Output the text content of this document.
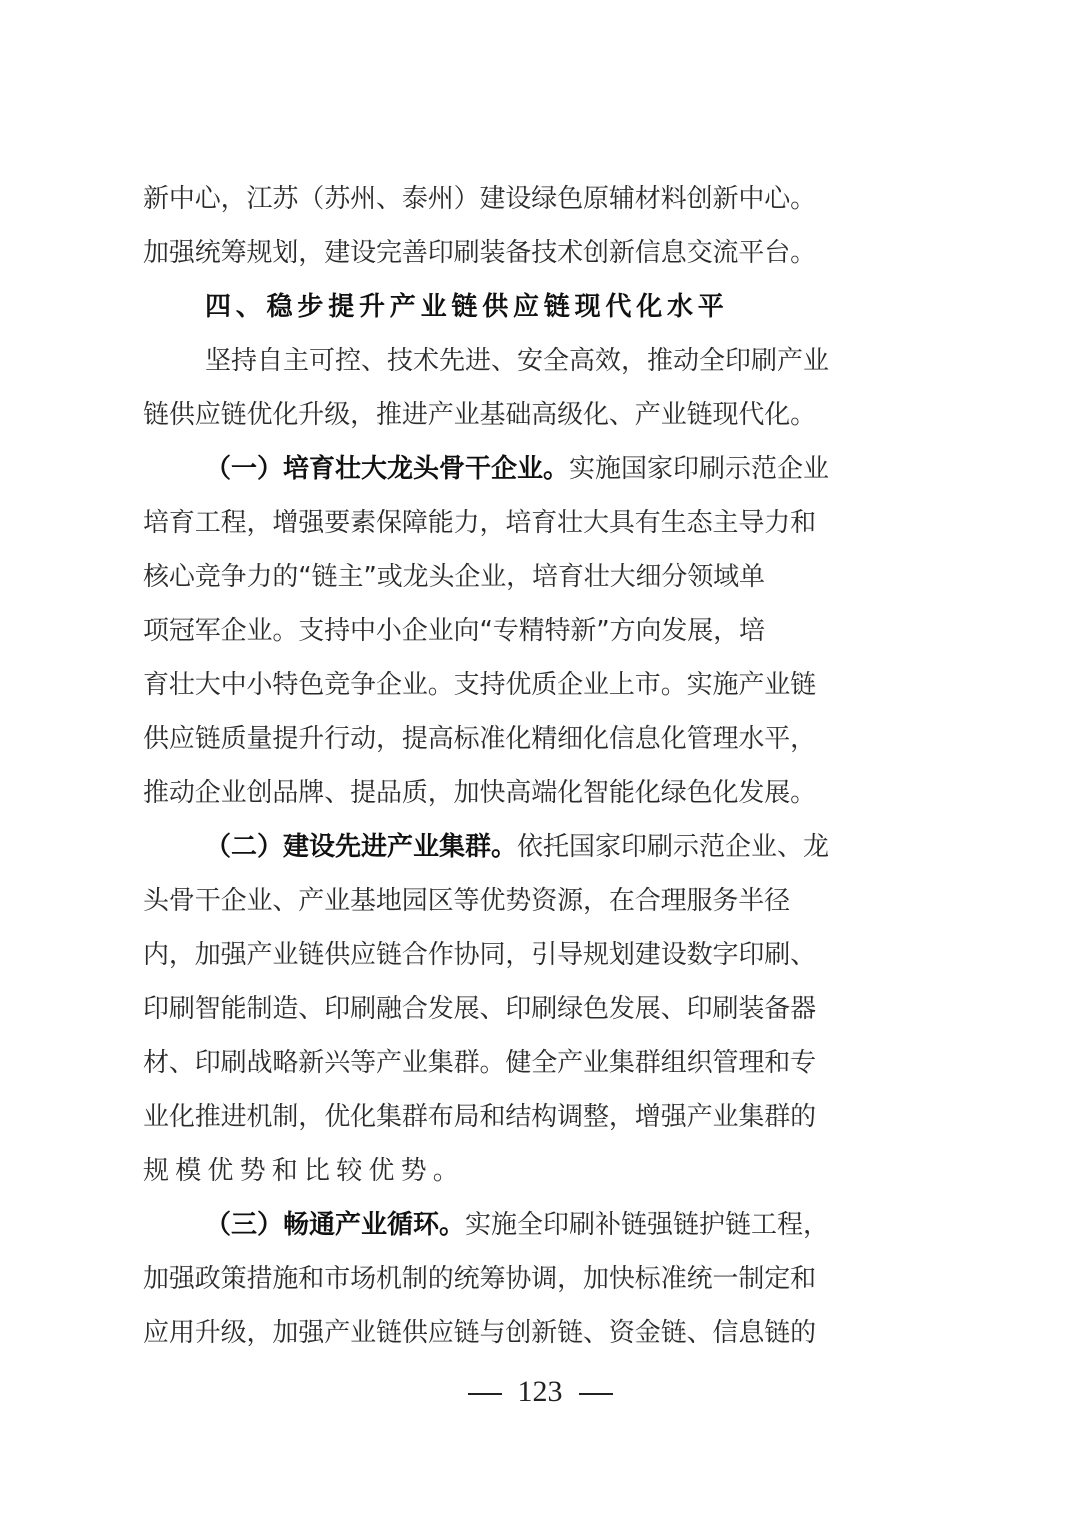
新中心，江苏（苏州、泰州）建设绿色原辅材料创新中心。
加强统筹规划，建设完善印刷装备技术创新信息交流平台。
四、稳步提升产业链供应链现代化水平
坚持自主可控、技术先进、安全高效，推动全印刷产业
链供应链优化升级，推进产业基础高级化、产业链现代化。
（一）培育壮大龙头骨干企业。实施国家印刷示范企业
培育工程，增强要素保障能力，培育壮大具有生态主导力和
核心竞争力的“链主”或龙头企业，培育壮大细分领域单
项冠军企业。支持中小企业向“专精特新”方向发展，培
育壮大中小特色竞争企业。支持优质企业上市。实施产业链
供应链质量提升行动，提高标准化精细化信息化管理水平，
推动企业创品牌、提品质，加快高端化智能化绿色化发展。
（二）建设先进产业集群。依托国家印刷示范企业、龙
头骨干企业、产业基地园区等优势资源，在合理服务半径
内，加强产业链供应链合作协同，引导规划建设数字印刷、
印刷智能制造、印刷融合发展、印刷绿色发展、印刷装备器
材、印刷战略新兴等产业集群。健全产业集群组织管理和专
业化推进机制，优化集群布局和结构调整，增强产业集群的
规模优势和比较优势。
（三）畅通产业循环。实施全印刷补链强链护链工程，
加强政策措施和市场机制的统筹协调，加快标准统一制定和
应用升级，加强产业链供应链与创新链、资金链、信息链的
123
